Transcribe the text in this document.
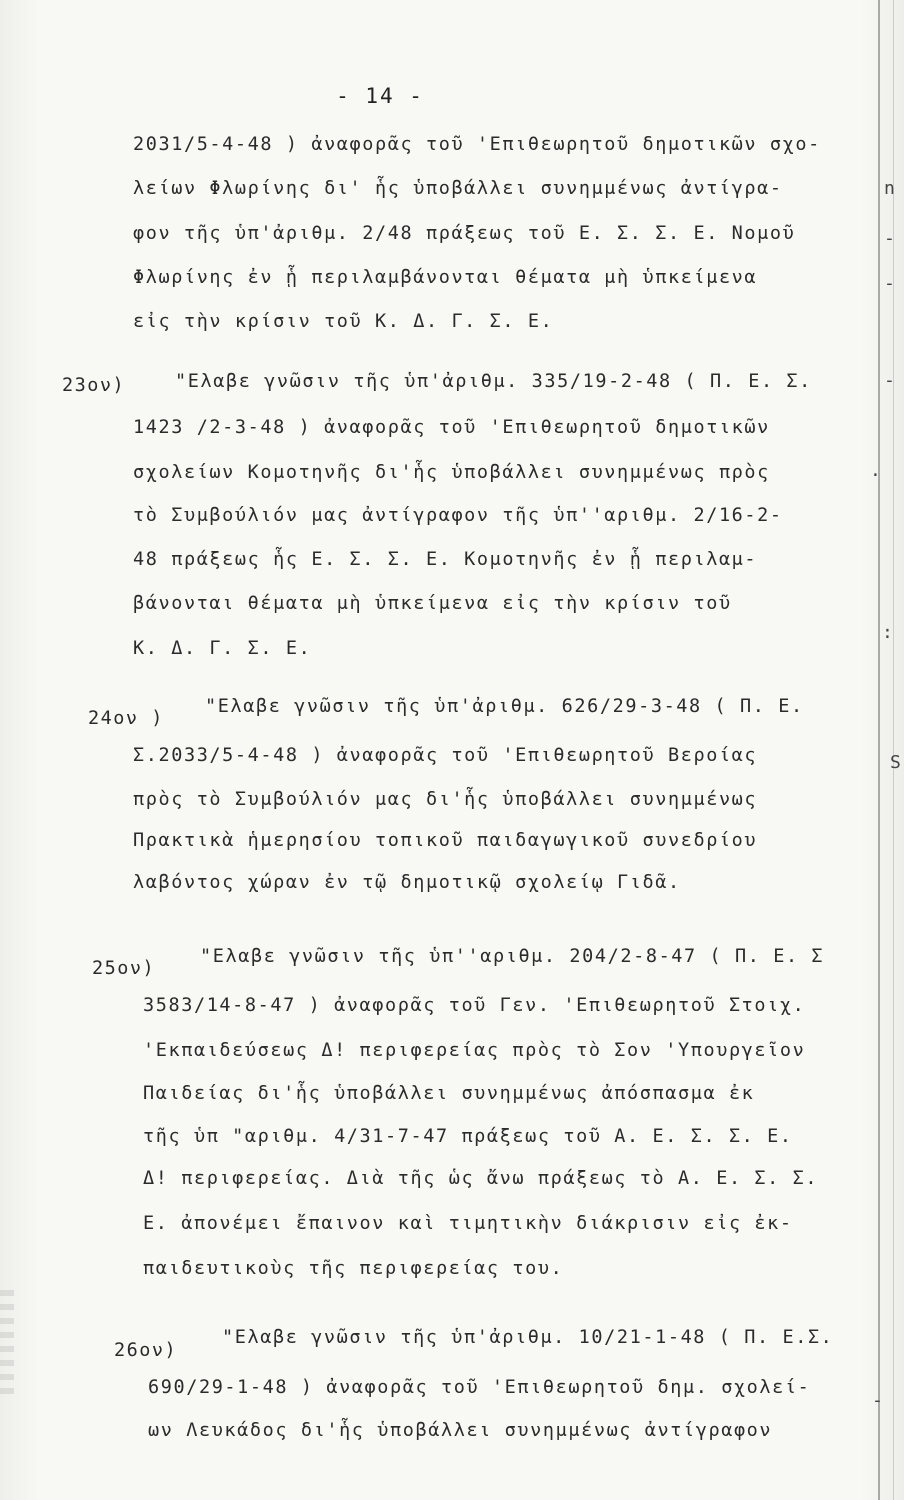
- 14 -
2031/5-4-48 ) ἀναφορᾶς τοῦ 'Επιθεωρητοῦ δημοτικῶν σχο-
λείων Φλωρίνης δι' ἧς ὑποβάλλει συνημμένως ἀντίγρα-
φον τῆς ὑπ'ἀριθμ. 2/48 πράξεως τοῦ Ε. Σ. Σ. Ε. Νομοῦ
Φλωρίνης ἐν ᾗ περιλαμβάνονται θέματα μὴ ὑπκείμενα
εἰς τὴν κρίσιν τοῦ Κ. Δ. Γ. Σ. Ε.
23ον)	"Ελαβε γνῶσιν τῆς ὑπ'ἀριθμ. 335/19-2-48 ( Π. Ε. Σ.
1423 /2-3-48 ) ἀναφορᾶς τοῦ 'Επιθεωρητοῦ δημοτικῶν
σχολείων Κομοτηνῆς δι'ἧς ὑποβάλλει συνημμένως πρὸς
τὸ Συμβούλιόν μας ἀντίγραφον τῆς ὑπ''αριθμ. 2/16-2-
48 πράξεως ἧς Ε. Σ. Σ. Ε. Κομοτηνῆς ἐν ᾗ περιλαμ-
βάνονται θέματα μὴ ὑπκείμενα εἰς τὴν κρίσιν τοῦ
Κ. Δ. Γ. Σ. Ε.
24ον )
"Ελαβε γνῶσιν τῆς ὑπ'ἀριθμ. 626/29-3-48 ( Π. Ε.
Σ.2033/5-4-48 ) ἀναφορᾶς τοῦ 'Επιθεωρητοῦ Βεροίας
πρὸς τὸ Συμβούλιόν μας δι'ἧς ὑποβάλλει συνημμένως
Πρακτικὰ ἡμερησίου τοπικοῦ παιδαγωγικοῦ συνεδρίου
λαβόντος χώραν ἐν τῷ δημοτικῷ σχολείῳ Γιδᾶ.
25ον)
"Ελαβε γνῶσιν τῆς ὑπ''αριθμ. 204/2-8-47 ( Π. Ε. Σ
3583/14-8-47 ) ἀναφορᾶς τοῦ Γεν. 'Επιθεωρητοῦ Στοιχ.
'Εκπαιδεύσεως Δ! περιφερείας πρὸς τὸ Σον 'Υπουργεῖον
Παιδείας δι'ἧς ὑποβάλλει συνημμένως ἀπόσπασμα ἐκ
τῆς ὑπ "αριθμ. 4/31-7-47 πράξεως τοῦ Α. Ε. Σ. Σ. Ε.
Δ! περιφερείας. Διὰ τῆς ὡς ἄνω πράξεως τὸ Α. Ε. Σ. Σ.
Ε. ἀπονέμει ἔπαινον καὶ τιμητικὴν διάκρισιν εἰς ἐκ-
παιδευτικοὺς τῆς περιφερείας του.
26ον)
"Ελαβε γνῶσιν τῆς ὑπ'ἀριθμ. 10/21-1-48 ( Π. Ε.Σ.
690/29-1-48 ) ἀναφορᾶς τοῦ 'Επιθεωρητοῦ δημ. σχολεί-
ων Λευκάδος δι'ἧς ὑποβάλλει συνημμένως ἀντίγραφον
n
-
-
-
.
:
S
-
